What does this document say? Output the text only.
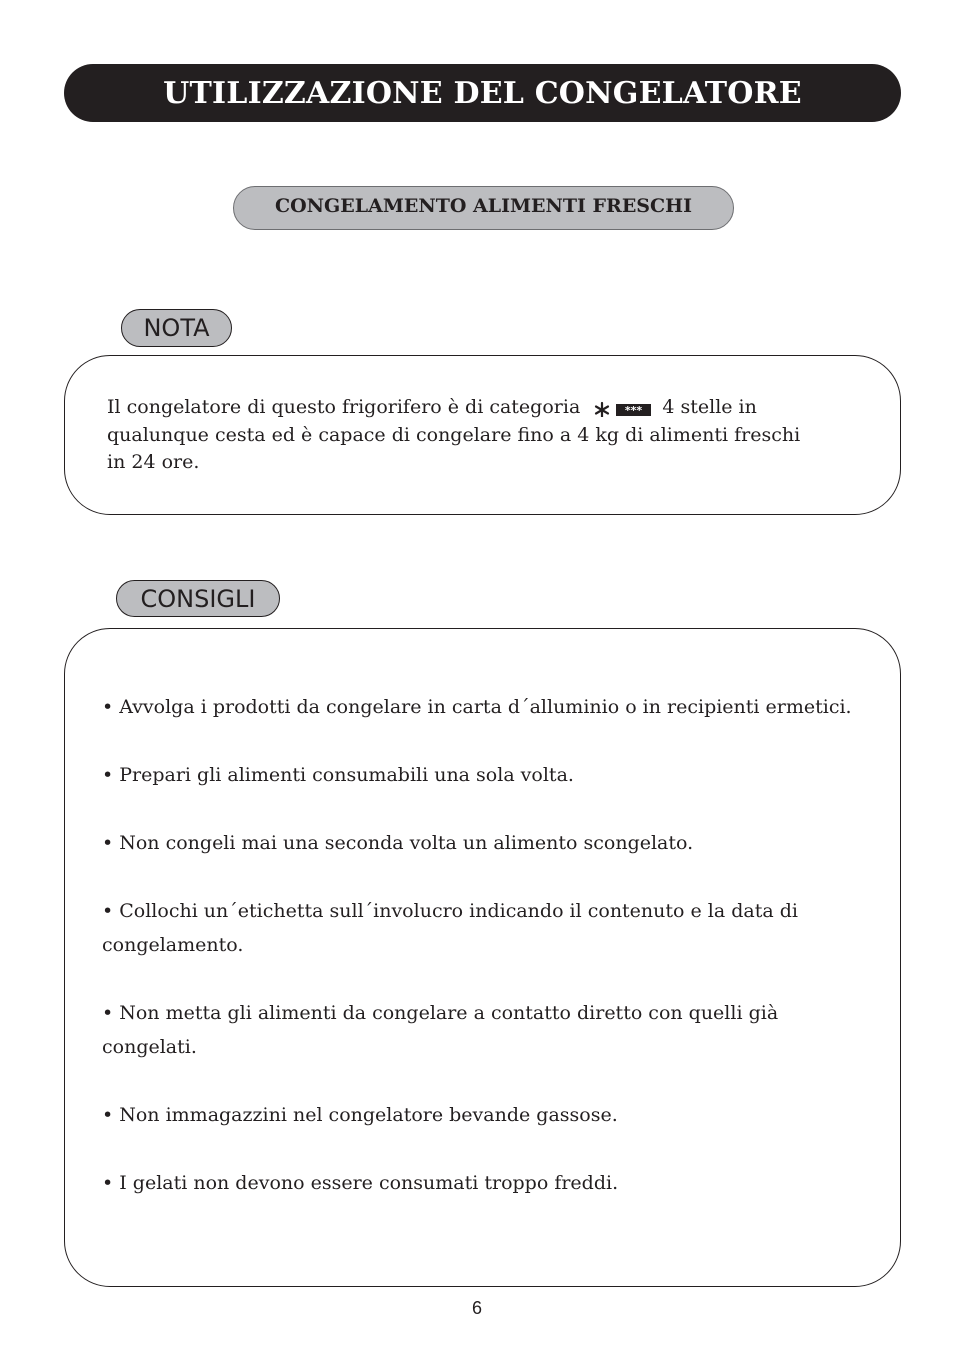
UTILIZZAZIONE DEL CONGELATORE
CONGELAMENTO ALIMENTI FRESCHI
NOTA
Il congelatore di questo frigorifero è di categoria	*** 4 stelle in
qualunque cesta ed è capace di congelare fino a 4 kg di alimenti freschi
in 24 ore.
CONSIGLI
• Avvolga i prodotti da congelare in carta d´alluminio o in recipienti ermetici.
• Prepari gli alimenti consumabili una sola volta.
• Non congeli mai una seconda volta un alimento scongelato.
• Collochi un´etichetta sull´involucro indicando il contenuto e la data di congelamento.
• Non metta gli alimenti da congelare a contatto diretto con quelli già congelati.
• Non immagazzini nel congelatore bevande gassose.
• I gelati non devono essere consumati troppo freddi.
6
